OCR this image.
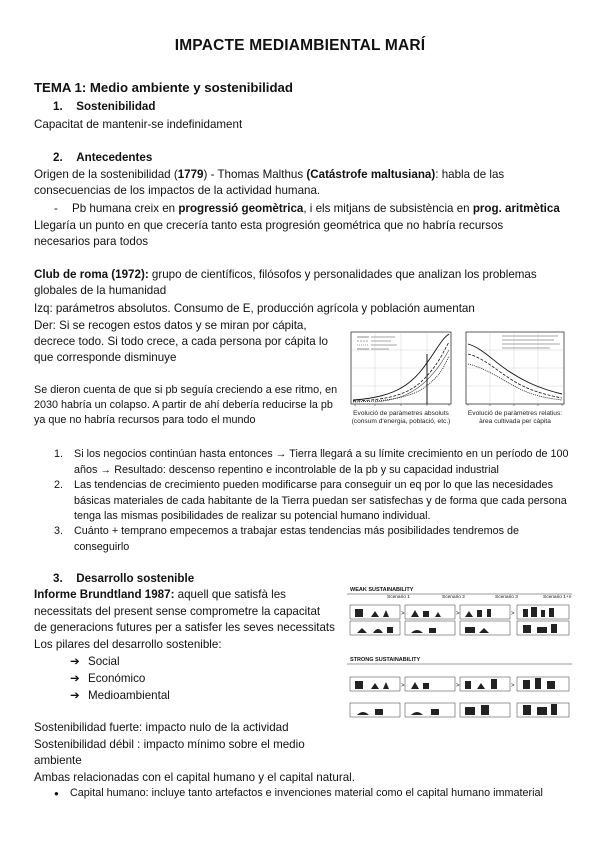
IMPACTE MEDIAMBIENTAL MARÍ
TEMA 1: Medio ambiente y sostenibilidad
1. Sostenibilidad
Capacitat de mantenir-se indefinidament
2. Antecedentes
Origen de la sostenibilidad (1779) - Thomas Malthus (Catástrofe maltusiana): habla de las
consecuencias de los impactos de la actividad humana.
- Pb humana creix en progressió geomètrica, i els mitjans de subsistència en prog. aritmètica
Llegaría un punto en que crecería tanto esta progresión geométrica que no habría recursos
necesarios para todos
Club de roma (1972): grupo de científicos, filósofos y personalidades que analizan los problemas
globales de la humanidad
Izq: parámetros absolutos. Consumo de E, producción agrícola y población aumentan
Der: Si se recogen estos datos y se miran por cápita,
decrece todo. Si todo crece, a cada persona por cápita lo
que corresponde disminuye
Se dieron cuenta de que si pb seguía creciendo a ese ritmo, en
2030 habría un colapso. A partir de ahí debería reducirse la pb
ya que no habría recursos para todo el mundo
Evolució de paràmetres absoluts
(consum d'energia, població, etc.)
Evolució de paràmetres relatius:
àrea cultivada per càpita
1. Si los negocios continúan hasta entonces → Tierra llegará a su límite crecimiento en un período de 100
años → Resultado: descenso repentino e incontrolable de la pb y su capacidad industrial
2. Las tendencias de crecimiento pueden modificarse para conseguir un eq por lo que las necesidades
básicas materiales de cada habitante de la Tierra puedan ser satisfechas y de forma que cada persona
tenga las mismas posibilidades de realizar su potencial humano individual.
3. Cuánto + temprano empecemos a trabajar estas tendencias más posibilidades tendremos de
conseguirlo
3. Desarrollo sostenible
Informe Brundtland 1987: aquell que satisfà les
necessitats del present sense comprometre la capacitat
de generacions futures per a satisfer les seves necessitats
Los pilares del desarrollo sostenible:
➔ Social
➔ Económico
➔ Medioambiental
Sostenibilidad fuerte: impacto nulo de la actividad
Sostenibilidad débil : impacto mínimo sobre el medio
ambiente
Ambas relacionadas con el capital humano y el capital natural.
● Capital humano: incluye tanto artefactos e invenciones material como el capital humano immaterial
WEAK SUSTAINABILITY
Scenario 1	Scenario 2	Scenario 3	Scenario 1+n
STRONG SUSTAINABILITY
>	>	>
>	>	>
